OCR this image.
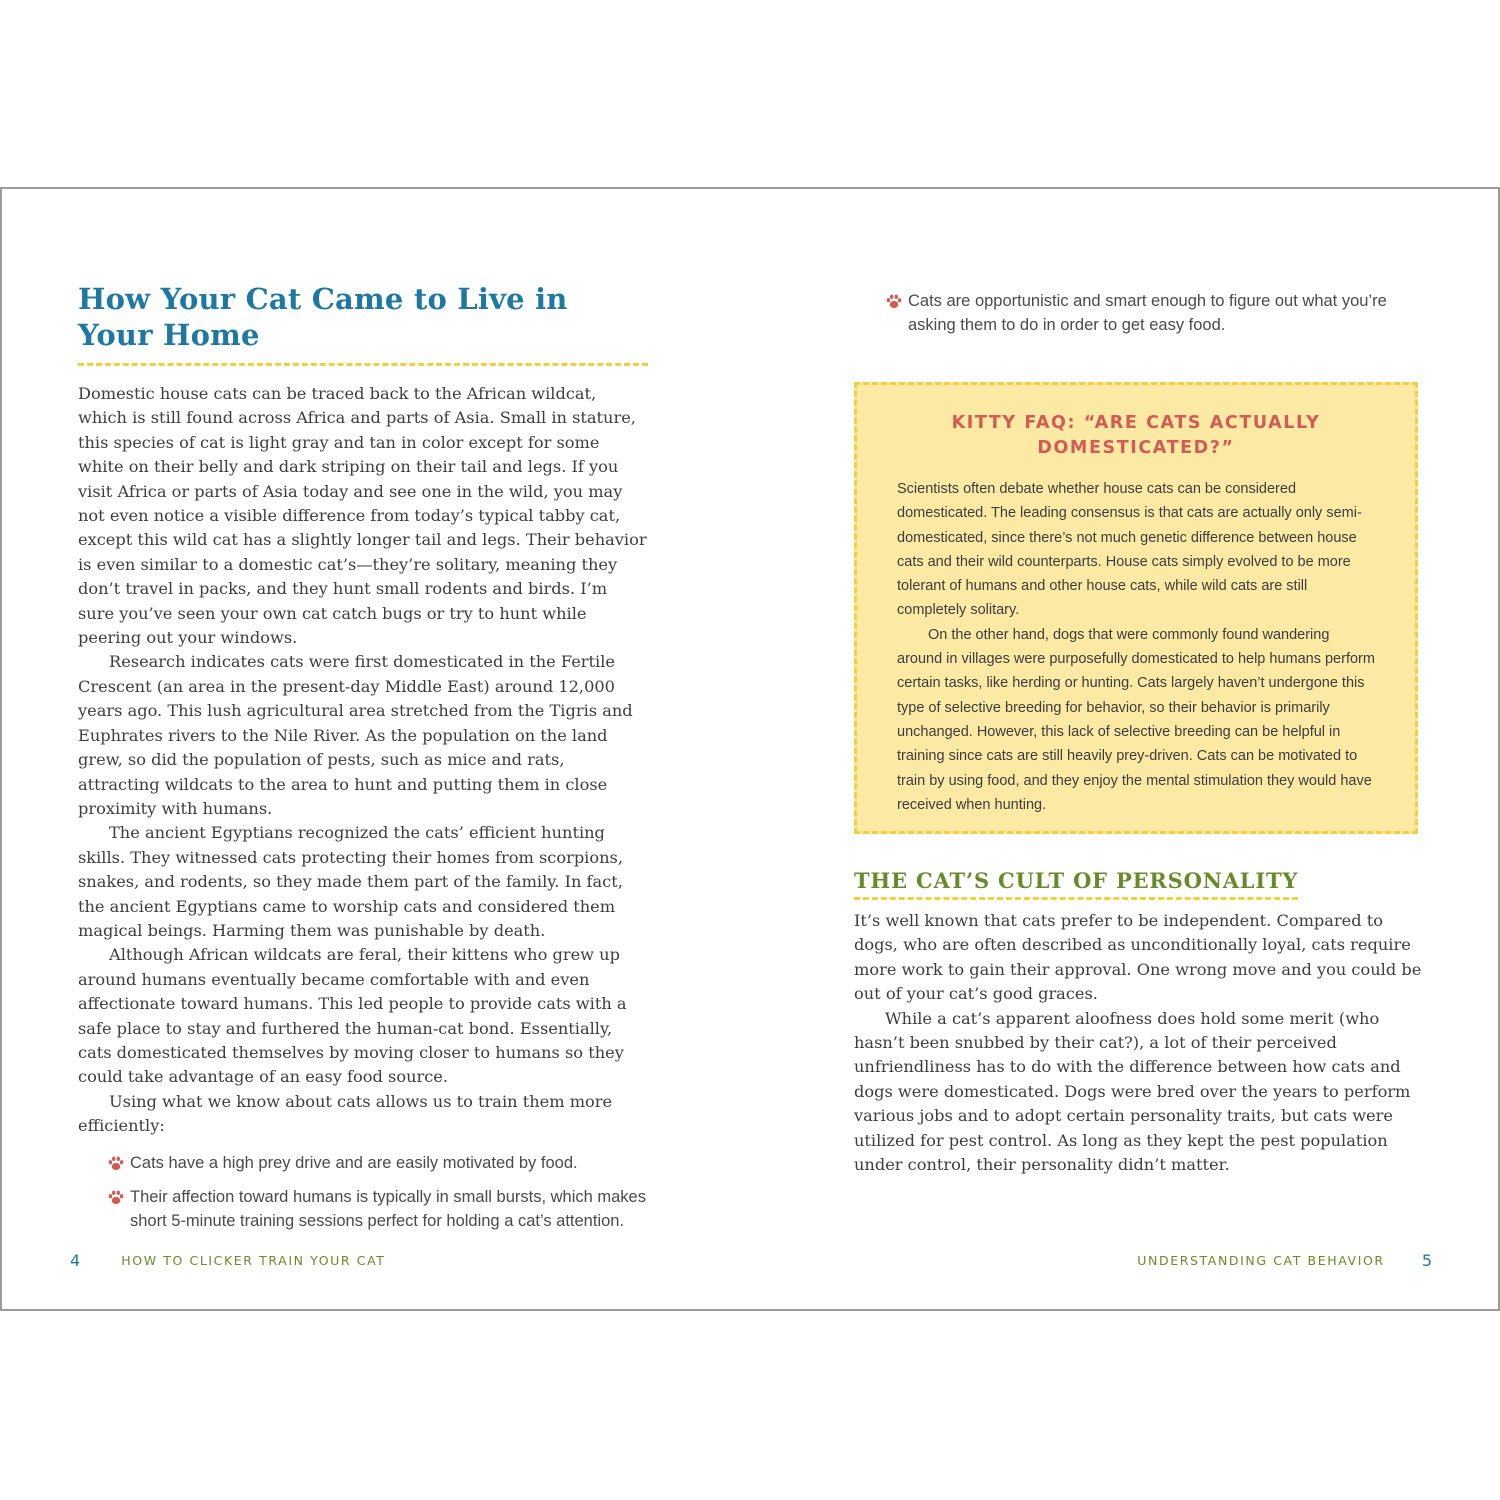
How Your Cat Came to Live in Your Home

Domestic house cats can be traced back to the African wildcat, which is still found across Africa and parts of Asia. Small in stature, this species of cat is light gray and tan in color except for some white on their belly and dark striping on their tail and legs. If you visit Africa or parts of Asia today and see one in the wild, you may not even notice a visible difference from today’s typical tabby cat, except this wild cat has a slightly longer tail and legs. Their behavior is even similar to a domestic cat’s—they’re solitary, meaning they don’t travel in packs, and they hunt small rodents and birds. I’m sure you’ve seen your own cat catch bugs or try to hunt while peering out your windows.

Research indicates cats were first domesticated in the Fertile Crescent (an area in the present-day Middle East) around 12,000 years ago. This lush agricultural area stretched from the Tigris and Euphrates rivers to the Nile River. As the population on the land grew, so did the population of pests, such as mice and rats, attracting wildcats to the area to hunt and putting them in close proximity with humans.

The ancient Egyptians recognized the cats’ efficient hunting skills. They witnessed cats protecting their homes from scorpions, snakes, and rodents, so they made them part of the family. In fact, the ancient Egyptians came to worship cats and considered them magical beings. Harming them was punishable by death.

Although African wildcats are feral, their kittens who grew up around humans eventually became comfortable with and even affectionate toward humans. This led people to provide cats with a safe place to stay and furthered the human-cat bond. Essentially, cats domesticated themselves by moving closer to humans so they could take advantage of an easy food source.

Using what we know about cats allows us to train them more efficiently:

Cats have a high prey drive and are easily motivated by food.
Their affection toward humans is typically in small bursts, which makes short 5-minute training sessions perfect for holding a cat’s attention.
Cats are opportunistic and smart enough to figure out what you’re asking them to do in order to get easy food.
KITTY FAQ: “ARE CATS ACTUALLY DOMESTICATED?”

Scientists often debate whether house cats can be considered domesticated. The leading consensus is that cats are actually only semi-domesticated, since there’s not much genetic difference between house cats and their wild counterparts. House cats simply evolved to be more tolerant of humans and other house cats, while wild cats are still completely solitary.

On the other hand, dogs that were commonly found wandering around in villages were purposefully domesticated to help humans perform certain tasks, like herding or hunting. Cats largely haven’t undergone this type of selective breeding for behavior, so their behavior is primarily unchanged. However, this lack of selective breeding can be helpful in training since cats are still heavily prey-driven. Cats can be motivated to train by using food, and they enjoy the mental stimulation they would have received when hunting.

THE CAT’S CULT OF PERSONALITY

It’s well known that cats prefer to be independent. Compared to dogs, who are often described as unconditionally loyal, cats require more work to gain their approval. One wrong move and you could be out of your cat’s good graces.

While a cat’s apparent aloofness does hold some merit (who hasn’t been snubbed by their cat?), a lot of their perceived unfriendliness has to do with the difference between how cats and dogs were domesticated. Dogs were bred over the years to perform various jobs and to adopt certain personality traits, but cats were utilized for pest control. As long as they kept the pest population under control, their personality didn’t matter.

4	HOW TO CLICKER TRAIN YOUR CAT	UNDERSTANDING CAT BEHAVIOR 5
